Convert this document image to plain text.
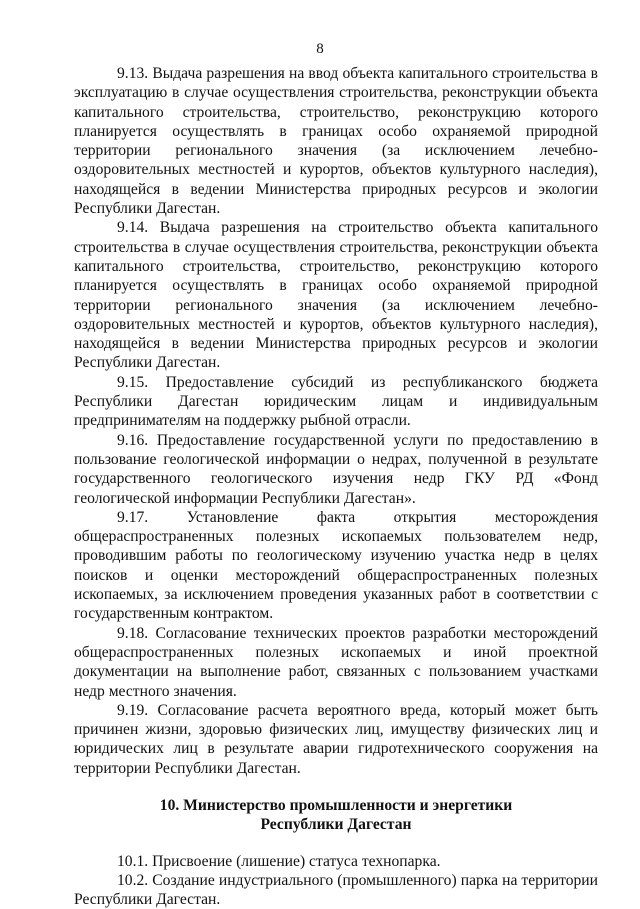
8

9.13. Выдача разрешения на ввод объекта капитального строительства в эксплуатацию в случае осуществления строительства, реконструкции объекта капитального строительства, строительство, реконструкцию которого планируется осуществлять в границах особо охраняемой природной территории регионального значения (за исключением лечебно-оздоровительных местностей и курортов, объектов культурного наследия), находящейся в ведении Министерства природных ресурсов и экологии Республики Дагестан.

9.14. Выдача разрешения на строительство объекта капитального строительства в случае осуществления строительства, реконструкции объекта капитального строительства, строительство, реконструкцию которого планируется осуществлять в границах особо охраняемой природной территории регионального значения (за исключением лечебно-оздоровительных местностей и курортов, объектов культурного наследия), находящейся в ведении Министерства природных ресурсов и экологии Республики Дагестан.

9.15. Предоставление субсидий из республиканского бюджета Республики Дагестан юридическим лицам и индивидуальным предпринимателям на поддержку рыбной отрасли.

9.16. Предоставление государственной услуги по предоставлению в пользование геологической информации о недрах, полученной в результате государственного геологического изучения недр ГКУ РД «Фонд геологической информации Республики Дагестан».

9.17. Установление факта открытия месторождения общераспространенных полезных ископаемых пользователем недр, проводившим работы по геологическому изучению участка недр в целях поисков и оценки месторождений общераспространенных полезных ископаемых, за исключением проведения указанных работ в соответствии с государственным контрактом.

9.18. Согласование технических проектов разработки месторождений общераспространенных полезных ископаемых и иной проектной документации на выполнение работ, связанных с пользованием участками недр местного значения.

9.19. Согласование расчета вероятного вреда, который может быть причинен жизни, здоровью физических лиц, имуществу физических лиц и юридических лиц в результате аварии гидротехнического сооружения на территории Республики Дагестан.

10. Министерство промышленности и энергетики
Республики Дагестан

10.1. Присвоение (лишение) статуса технопарка.

10.2. Создание индустриального (промышленного) парка на территории Республики Дагестан.
